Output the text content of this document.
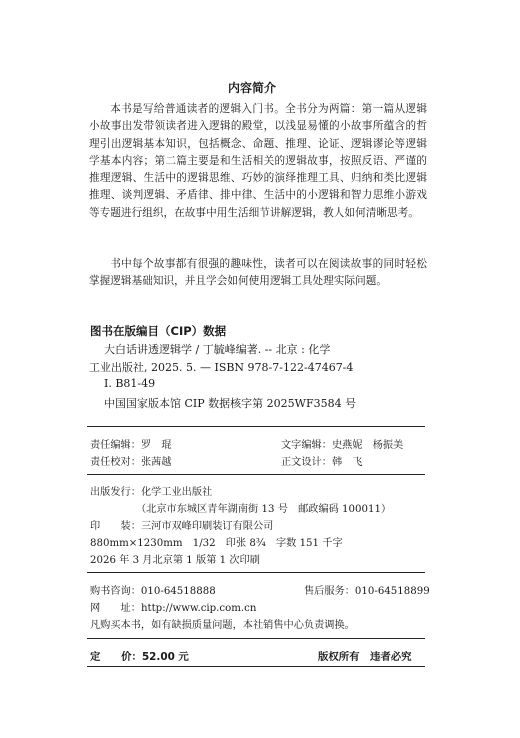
内容简介
本书是写给普通读者的逻辑入门书。全书分为两篇：第一篇从逻辑小故事出发带领读者进入逻辑的殿堂，以浅显易懂的小故事所蕴含的哲理引出逻辑基本知识，包括概念、命题、推理、论证、逻辑谬论等逻辑学基本内容；第二篇主要是和生活相关的逻辑故事，按照反语、严谨的推理逻辑、生活中的逻辑思维、巧妙的演绎推理工具、归纳和类比逻辑推理、谈判逻辑、矛盾律、排中律、生活中的小逻辑和智力思维小游戏等专题进行组织，在故事中用生活细节讲解逻辑，教人如何清晰思考。
书中每个故事都有很强的趣味性，读者可以在阅读故事的同时轻松掌握逻辑基础知识，并且学会如何使用逻辑工具处理实际问题。
图书在版编目（CIP）数据
大白话讲透逻辑学 / 丁毓峰编著. -- 北京 : 化学
工业出版社, 2025. 5. — ISBN 978-7-122-47467-4
Ⅰ. B81-49
中国国家版本馆 CIP 数据核字第 2025WF3584 号
责任编辑：罗　琨
责任校对：张茜越
文字编辑：史燕妮　杨振美
正文设计：韩　飞
出版发行：化学工业出版社
（北京市东城区青年湖南街 13 号　邮政编码 100011）
印　　装：三河市双峰印刷装订有限公司
880mm×1230mm　1/32　印张 8¾　字数 151 千字
2026 年 3 月北京第 1 版第 1 次印刷
购书咨询：010-64518888	售后服务：010-64518899
网　　址：http://www.cip.com.cn
凡购买本书，如有缺损质量问题，本社销售中心负责调换。
定　　价：52.00 元	版权所有　违者必究
